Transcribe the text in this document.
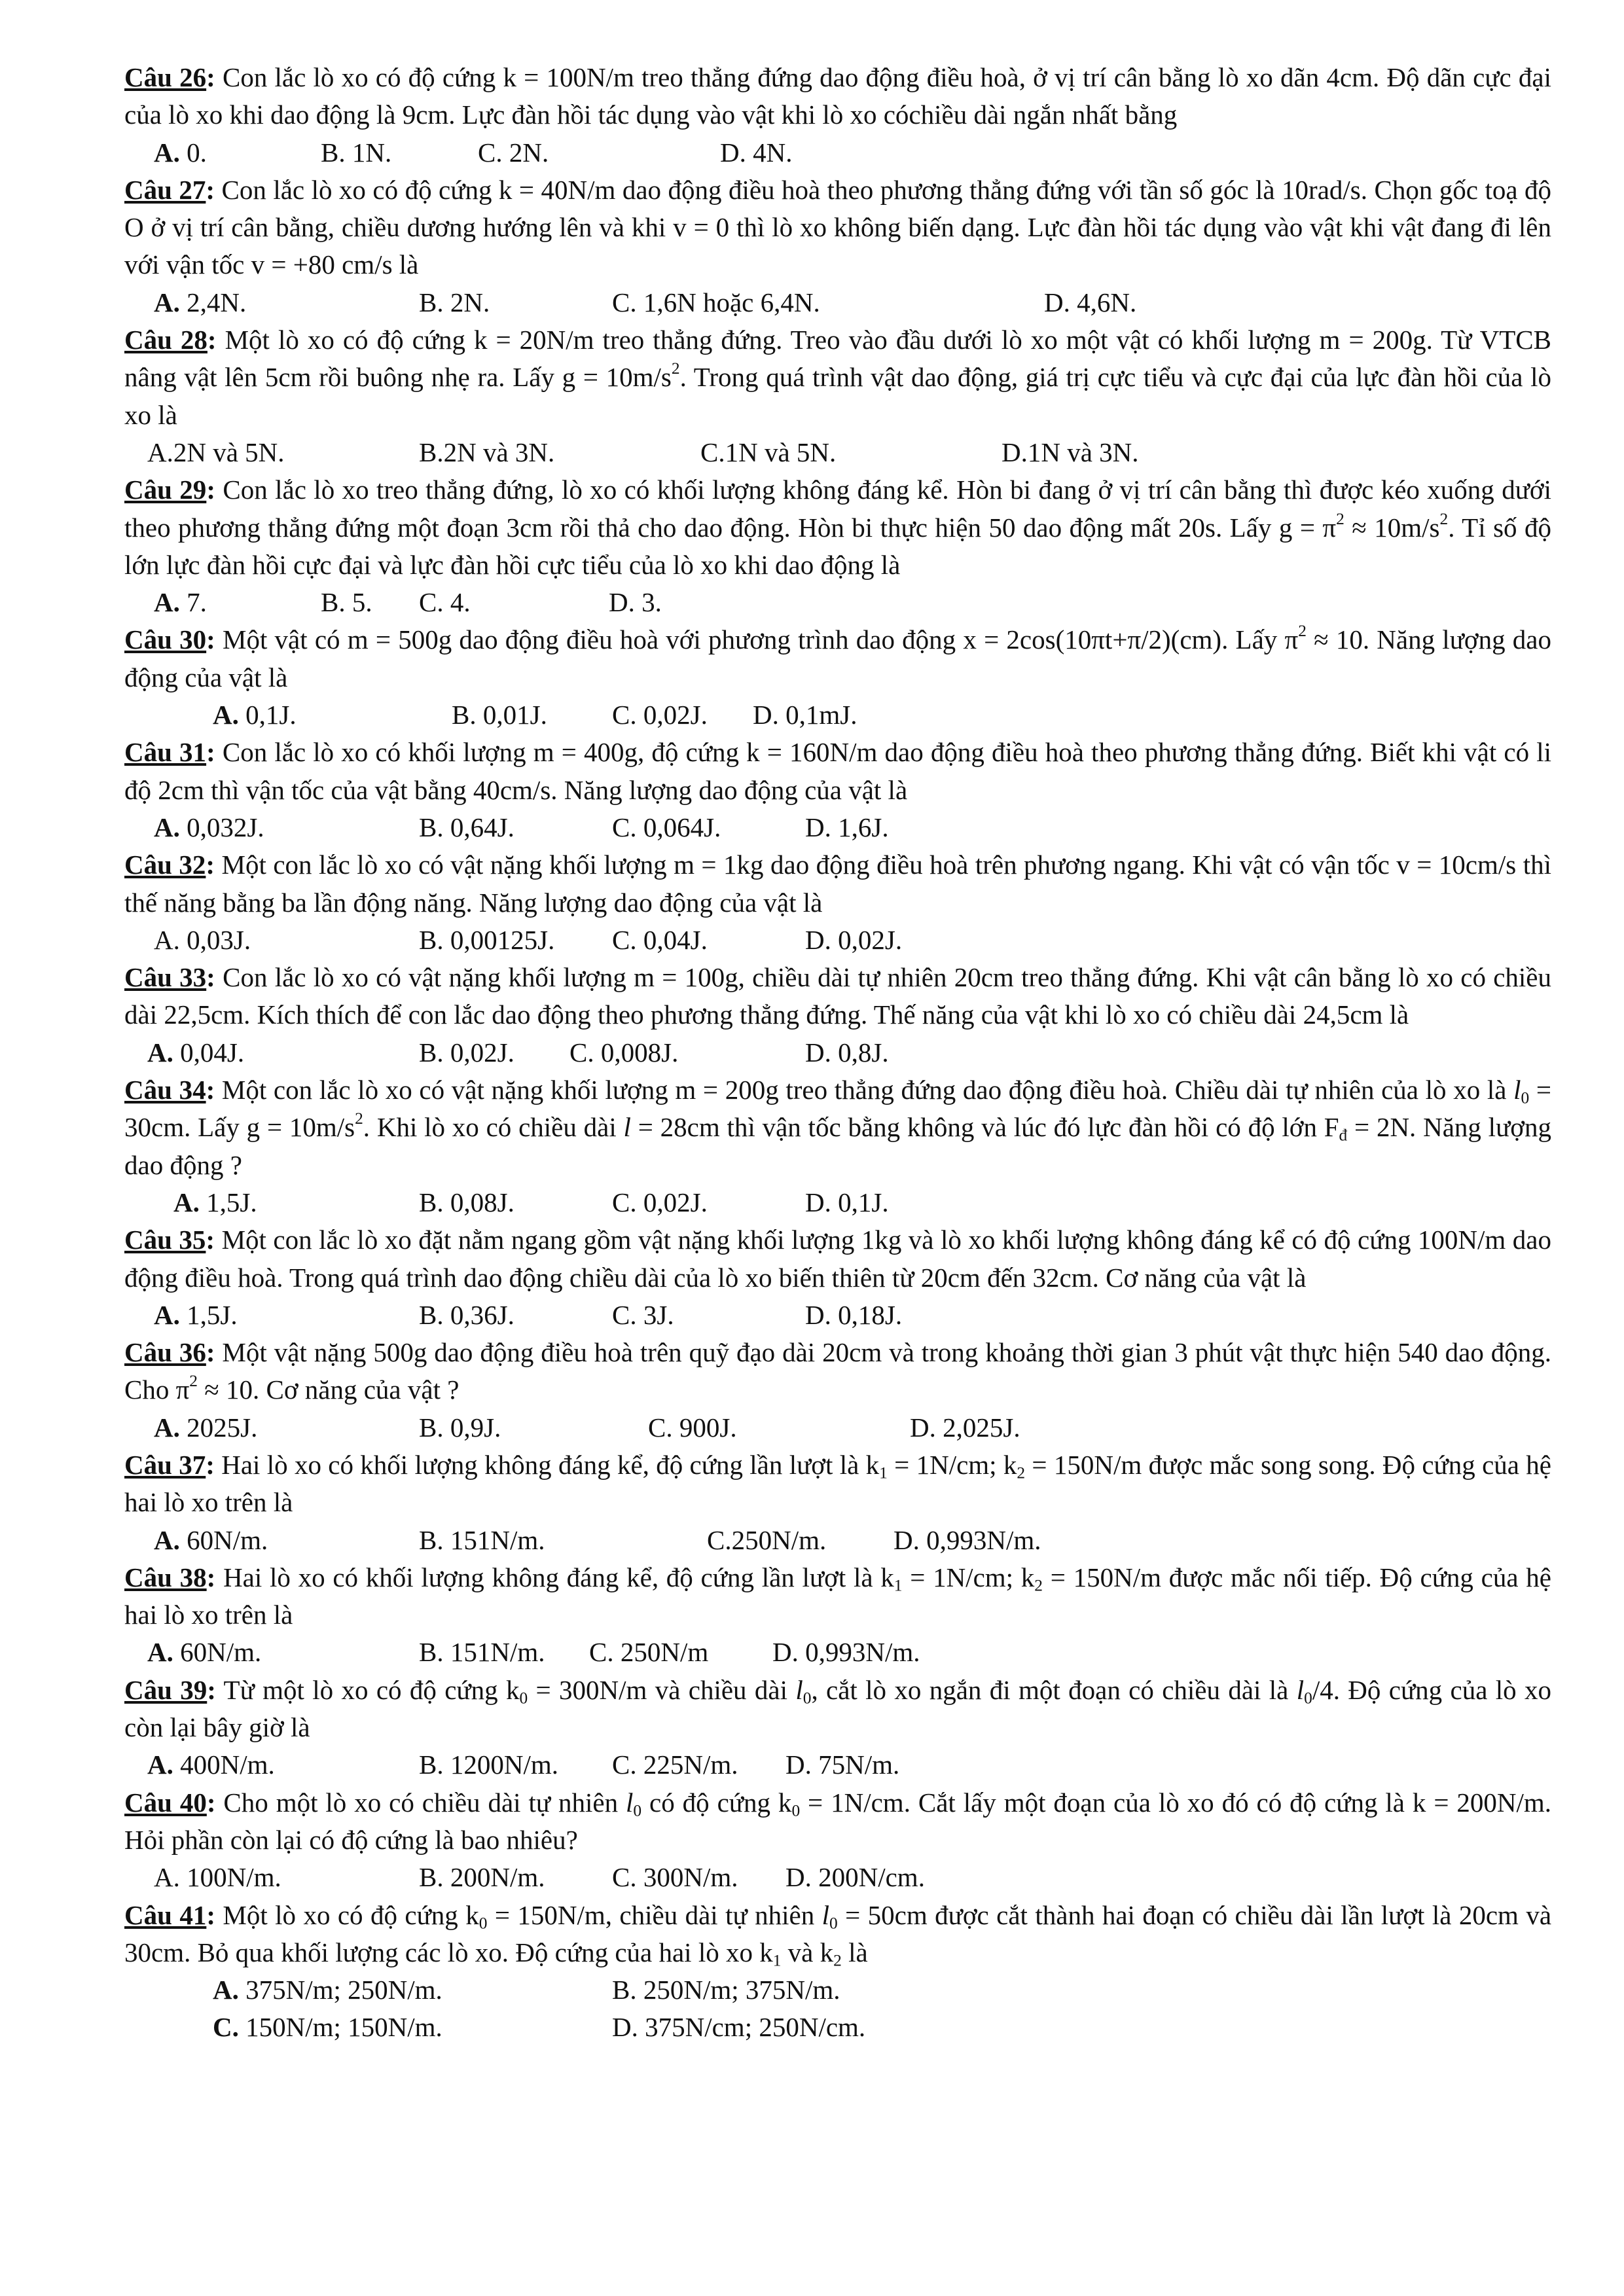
Câu 26: Con lắc lò xo có độ cứng k = 100N/m treo thẳng đứng dao động điều hoà, ở vị trí cân bằng lò xo dãn 4cm. Độ dãn cực đại của lò xo khi dao động là 9cm. Lực đàn hồi tác dụng vào vật khi lò xo cóchiều dài ngắn nhất bằng
A. 0.	B. 1N.	C. 2N.	D. 4N.
Câu 27: Con lắc lò xo có độ cứng k = 40N/m dao động điều hoà theo phương thẳng đứng với tần số góc là 10rad/s. Chọn gốc toạ độ O ở vị trí cân bằng, chiều dương hướng lên và khi v = 0 thì lò xo không biến dạng. Lực đàn hồi tác dụng vào vật khi vật đang đi lên với vận tốc v = +80 cm/s là
A. 2,4N.	B. 2N.	C. 1,6N hoặc 6,4N.	D. 4,6N.
Câu 28: Một lò xo có độ cứng k = 20N/m treo thẳng đứng. Treo vào đầu dưới lò xo một vật có khối lượng m = 200g. Từ VTCB nâng vật lên 5cm rồi buông nhẹ ra. Lấy $g = 10m/s^2$. Trong quá trình vật dao động, giá trị cực tiểu và cực đại của lực đàn hồi của lò xo là
A.2N và 5N.	B.2N và 3N.	C.1N và 5N.	D.1N và 3N.
Câu 29: Con lắc lò xo treo thẳng đứng, lò xo có khối lượng không đáng kể. Hòn bi đang ở vị trí cân bằng thì được kéo xuống dưới theo phương thẳng đứng một đoạn 3cm rồi thả cho dao động. Hòn bi thực hiện 50 dao động mất 20s. Lấy $g = \pi^2 \approx 10m/s^2$. Tỉ số độ lớn lực đàn hồi cực đại và lực đàn hồi cực tiểu của lò xo khi dao động là
A. 7.	B. 5. C. 4.	D. 3.
Câu 30: Một vật có m = 500g dao động điều hoà với phương trình dao động x = 2cos(10πt+π/2)(cm). Lấy $\pi^2 \approx 10$. Năng lượng dao động của vật là
A. 0,1J.	B. 0,01J. C. 0,02J. D. 0,1mJ.
Câu 31: Con lắc lò xo có khối lượng m = 400g, độ cứng k = 160N/m dao động điều hoà theo phương thẳng đứng. Biết khi vật có li độ 2cm thì vận tốc của vật bằng 40cm/s. Năng lượng dao động của vật là
A. 0,032J.	B. 0,64J.	C. 0,064J.	D. 1,6J.
Câu 32: Một con lắc lò xo có vật nặng khối lượng m = 1kg dao động điều hoà trên phương ngang. Khi vật có vận tốc v = 10cm/s thì thế năng bằng ba lần động năng. Năng lượng dao động của vật là
A. 0,03J.	B. 0,00125J. C. 0,04J.	D. 0,02J.
Câu 33: Con lắc lò xo có vật nặng khối lượng m = 100g, chiều dài tự nhiên 20cm treo thẳng đứng. Khi vật cân bằng lò xo có chiều dài 22,5cm. Kích thích để con lắc dao động theo phương thẳng đứng. Thế năng của vật khi lò xo có chiều dài 24,5cm là
A. 0,04J.	B. 0,02J. C. 0,008J.	D. 0,8J.
Câu 34: Một con lắc lò xo có vật nặng khối lượng m = 200g treo thẳng đứng dao động điều hoà. Chiều dài tự nhiên của lò xo là $l_0 = 30cm$. Lấy $g = 10m/s^2$. Khi lò xo có chiều dài l = 28cm thì vận tốc bằng không và lúc đó lực đàn hồi có độ lớn $F_đ = 2N$. Năng lượng dao động ?
A. 1,5J.	B. 0,08J.	C. 0,02J.	D. 0,1J.
Câu 35: Một con lắc lò xo đặt nằm ngang gồm vật nặng khối lượng 1kg và lò xo khối lượng không đáng kể có độ cứng 100N/m dao động điều hoà. Trong quá trình dao động chiều dài của lò xo biến thiên từ 20cm đến 32cm. Cơ năng của vật là
A. 1,5J.	B. 0,36J.	C. 3J.	D. 0,18J.
Câu 36: Một vật nặng 500g dao động điều hoà trên quỹ đạo dài 20cm và trong khoảng thời gian 3 phút vật thực hiện 540 dao động. Cho $\pi^2 \approx 10$. Cơ năng của vật ?
A. 2025J.	B. 0,9J.	C. 900J.	D. 2,025J.
Câu 37: Hai lò xo có khối lượng không đáng kể, độ cứng lần lượt là $k_1 = 1N/cm$; $k_2 = 150N/m$ được mắc song song. Độ cứng của hệ hai lò xo trên là
A. 60N/m.	B. 151N/m.	C.250N/m.	D. 0,993N/m.
Câu 38: Hai lò xo có khối lượng không đáng kể, độ cứng lần lượt là $k_1 = 1N/cm$; $k_2 = 150N/m$ được mắc nối tiếp. Độ cứng của hệ hai lò xo trên là
A. 60N/m.	B. 151N/m. C. 250N/m D. 0,993N/m.
Câu 39: Từ một lò xo có độ cứng $k_0 = 300N/m$ và chiều dài $l_0$, cắt lò xo ngắn đi một đoạn có chiều dài là $l_0/4$. Độ cứng của lò xo còn lại bây giờ là
A. 400N/m.	B. 1200N/m. C. 225N/m. D. 75N/m.
Câu 40: Cho một lò xo có chiều dài tự nhiên $l_0$ có độ cứng $k_0 = 1N/cm$. Cắt lấy một đoạn của lò xo đó có độ cứng là k = 200N/m. Hỏi phần còn lại có độ cứng là bao nhiêu?
A. 100N/m.	B. 200N/m. C. 300N/m. D. 200N/cm.
Câu 41: Một lò xo có độ cứng $k_0 = 150N/m$, chiều dài tự nhiên $l_0 = 50cm$ được cắt thành hai đoạn có chiều dài lần lượt là 20cm và 30cm. Bỏ qua khối lượng các lò xo. Độ cứng của hai lò xo $k_1$ và $k_2$ là
A. 375N/m; 250N/m.	B. 250N/m; 375N/m.
C. 150N/m; 150N/m.	D. 375N/cm; 250N/cm.
